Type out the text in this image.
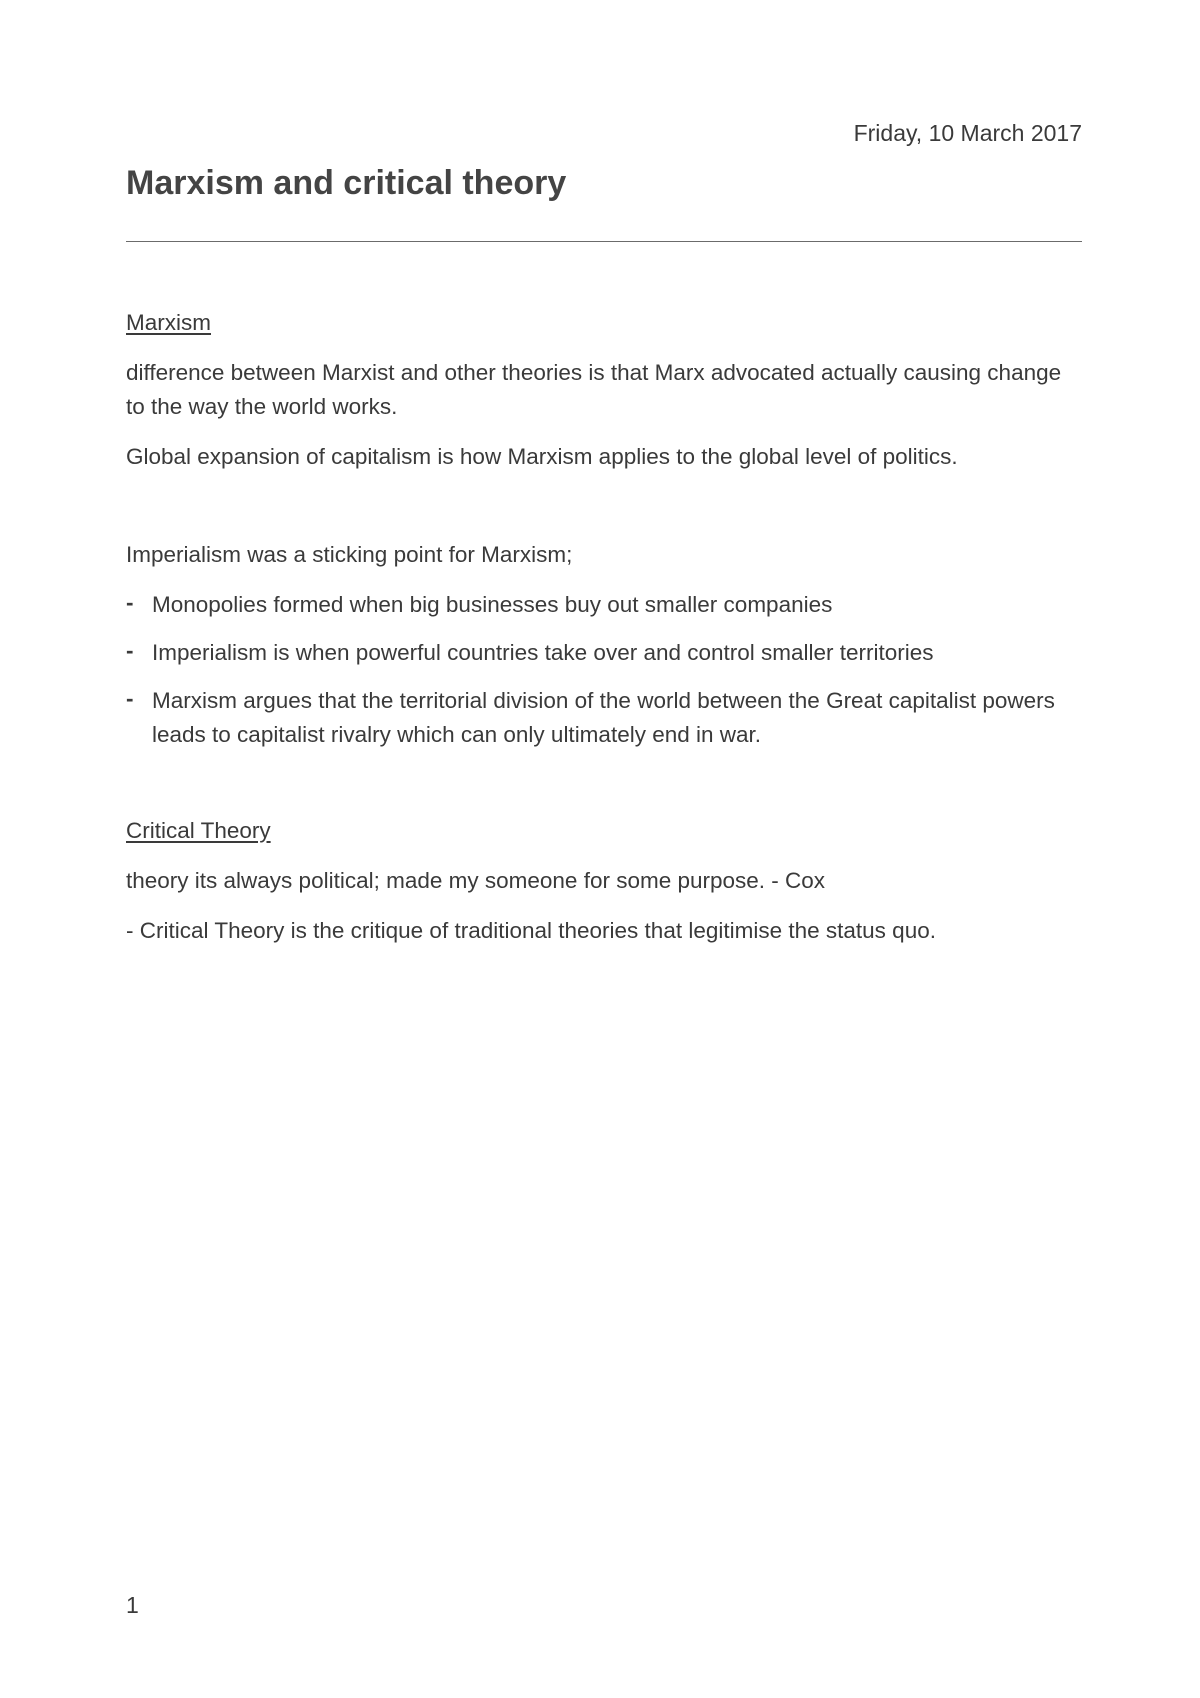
Friday, 10 March 2017
Marxism and critical theory
Marxism

difference between Marxist and other theories is that Marx advocated actually causing change to the way the world works.

Global expansion of capitalism is how Marxism applies to the global level of politics.

Imperialism was a sticking point for Marxism;

- Monopolies formed when big businesses buy out smaller companies
- Imperialism is when powerful countries take over and control smaller territories
- Marxism argues that the territorial division of the world between the Great capitalist powers leads to capitalist rivalry which can only ultimately end in war.
Critical Theory

theory its always political; made my someone for some purpose. - Cox

- Critical Theory is the critique of traditional theories that legitimise the status quo.

1
